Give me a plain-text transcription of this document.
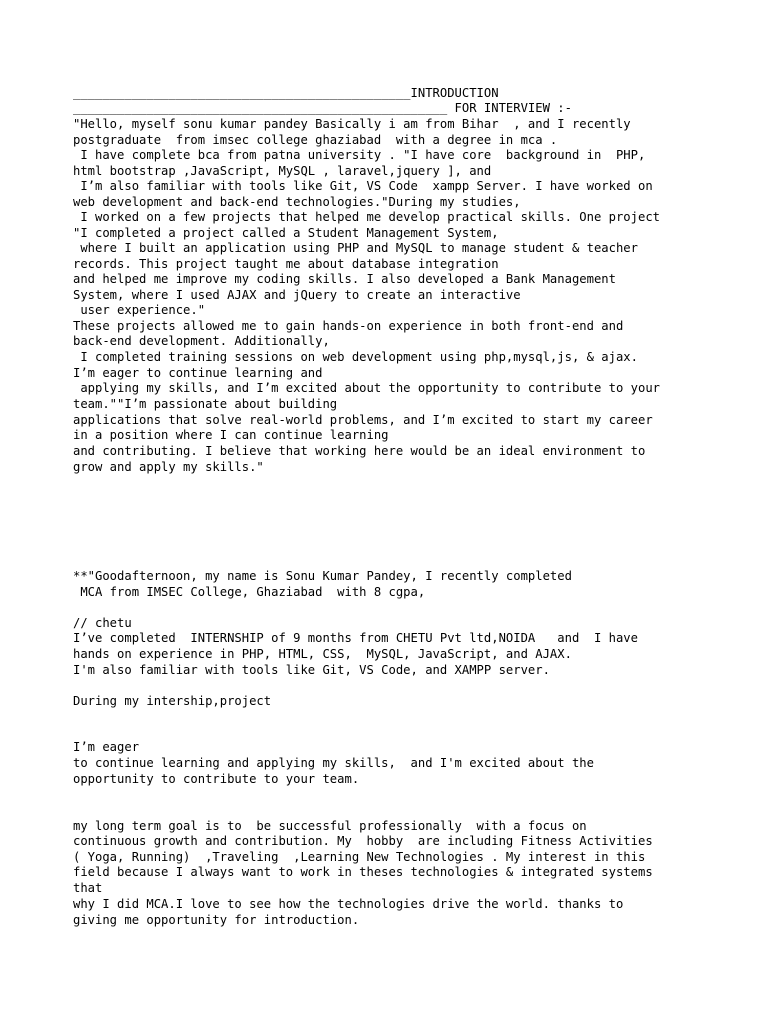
______________________________________________INTRODUCTION
___________________________________________________ FOR INTERVIEW :-
"Hello, myself sonu kumar pandey Basically i am from Bihar  , and I recently
postgraduate  from imsec college ghaziabad  with a degree in mca .
I have complete bca from patna university . "I have core  background in  PHP,
html bootstrap ,JavaScript, MySQL , laravel,jquery ], and
I’m also familiar with tools like Git, VS Code  xampp Server. I have worked on
web development and back-end technologies."During my studies,
I worked on a few projects that helped me develop practical skills. One project
"I completed a project called a Student Management System,
where I built an application using PHP and MySQL to manage student & teacher
records. This project taught me about database integration
and helped me improve my coding skills. I also developed a Bank Management
System, where I used AJAX and jQuery to create an interactive
user experience."
These projects allowed me to gain hands-on experience in both front-end and
back-end development. Additionally,
I completed training sessions on web development using php,mysql,js, & ajax.
I’m eager to continue learning and
applying my skills, and I’m excited about the opportunity to contribute to your
team.""I’m passionate about building
applications that solve real-world problems, and I’m excited to start my career
in a position where I can continue learning
and contributing. I believe that working here would be an ideal environment to
grow and apply my skills."
**"Goodafternoon, my name is Sonu Kumar Pandey, I recently completed
MCA from IMSEC College, Ghaziabad  with 8 cgpa,
// chetu
I’ve completed  INTERNSHIP of 9 months from CHETU Pvt ltd,NOIDA   and  I have
hands on experience in PHP, HTML, CSS,  MySQL, JavaScript, and AJAX.
I'm also familiar with tools like Git, VS Code, and XAMPP server.
During my intership,project
I’m eager
to continue learning and applying my skills,  and I'm excited about the
opportunity to contribute to your team.
my long term goal is to  be successful professionally  with a focus on
continuous growth and contribution. My  hobby  are including Fitness Activities
( Yoga, Running)  ,Traveling  ,Learning New Technologies . My interest in this
field because I always want to work in theses technologies & integrated systems
that
why I did MCA.I love to see how the technologies drive the world. thanks to
giving me opportunity for introduction.
